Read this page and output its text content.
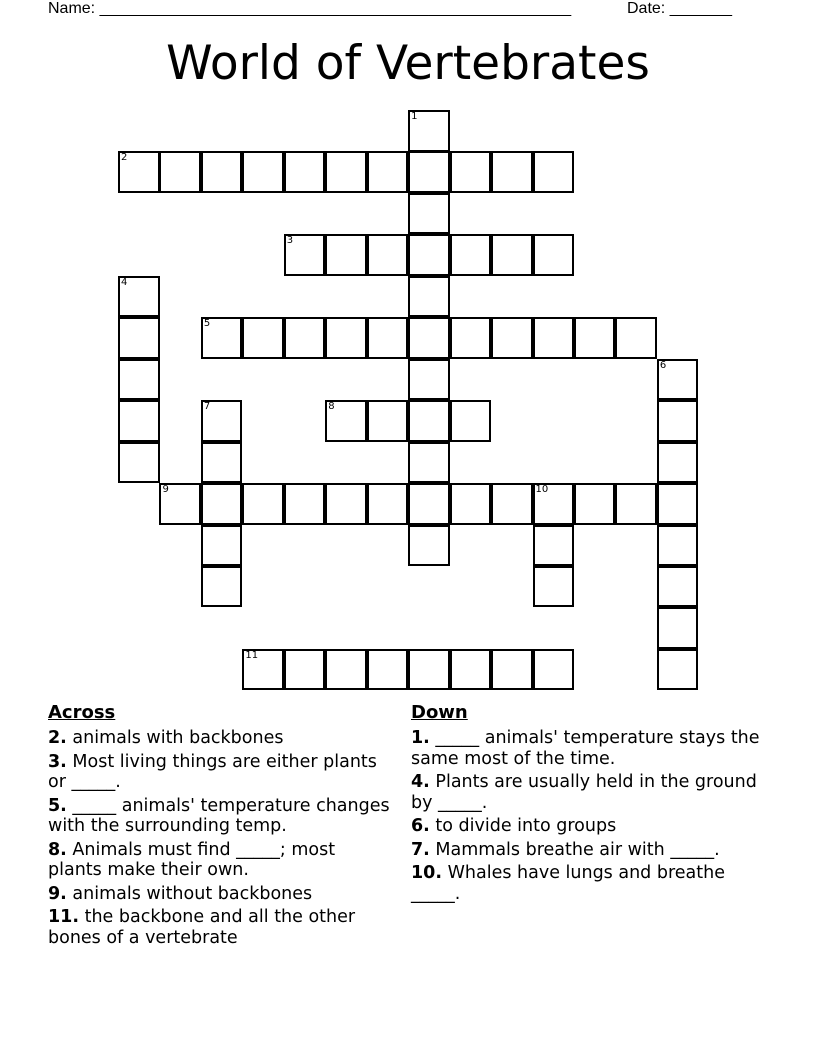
Name: _____________________________________________________	Date: _______
World of Vertebrates
1
2
3
4
5
6
7	8
9	10
11
Across
2. animals with backbones
3. Most living things are either plants or _____.
5. _____ animals' temperature changes with the surrounding temp.
8. Animals must find _____; most plants make their own.
9. animals without backbones
11. the backbone and all the other bones of a vertebrate
Down
1. _____ animals' temperature stays the same most of the time.
4. Plants are usually held in the ground by _____.
6. to divide into groups
7. Mammals breathe air with _____.
10. Whales have lungs and breathe _____.
